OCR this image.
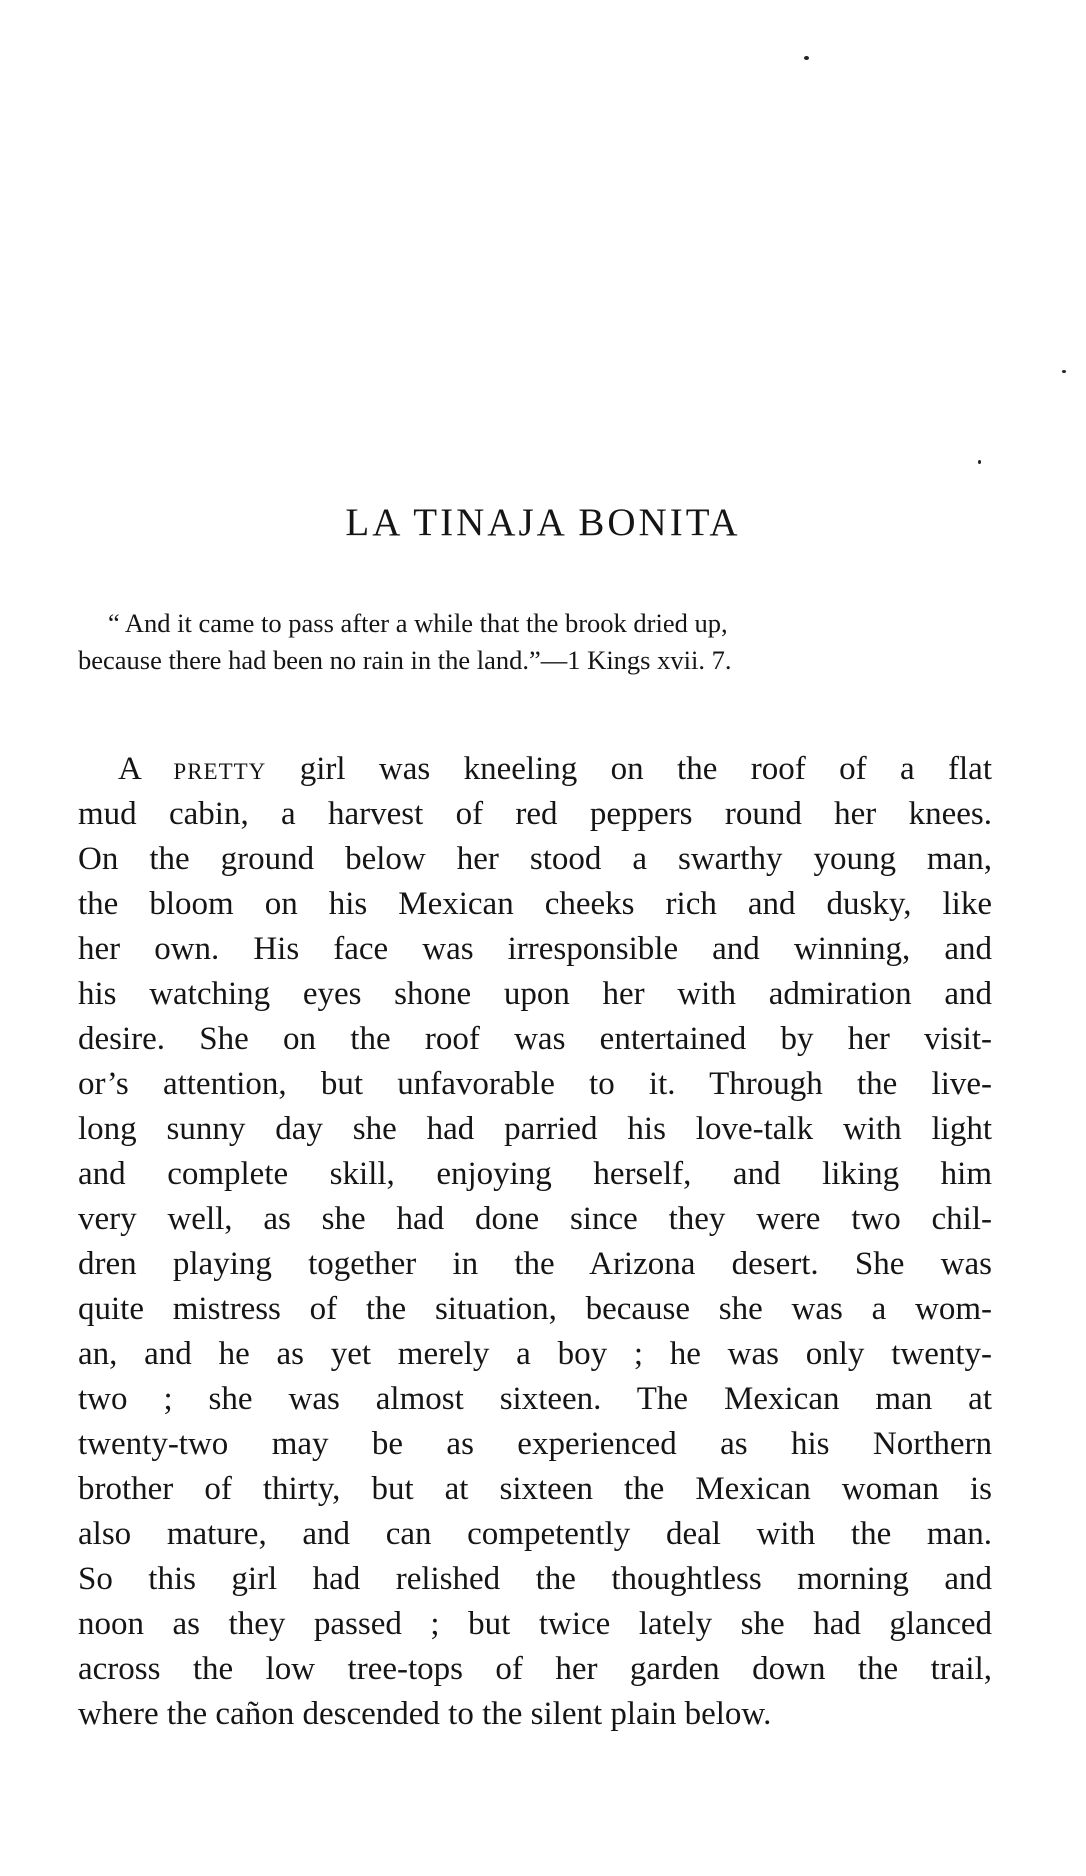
LA TINAJA BONITA
“ And it came to pass after a while that the brook dried up,
because there had been no rain in the land.”—1 Kings xvii. 7.
A pretty girl was kneeling on the roof of a flat
mud cabin, a harvest of red peppers round her knees.
On the ground below her stood a swarthy young man,
the bloom on his Mexican cheeks rich and dusky, like
her own. His face was irresponsible and winning, and
his watching eyes shone upon her with admiration and
desire. She on the roof was entertained by her visit-
or’s attention, but unfavorable to it. Through the live-
long sunny day she had parried his love-talk with light
and complete skill, enjoying herself, and liking him
very well, as she had done since they were two chil-
dren playing together in the Arizona desert. She was
quite mistress of the situation, because she was a wom-
an, and he as yet merely a boy ; he was only twenty-
two ; she was almost sixteen. The Mexican man at
twenty-two may be as experienced as his Northern
brother of thirty, but at sixteen the Mexican woman is
also mature, and can competently deal with the man.
So this girl had relished the thoughtless morning and
noon as they passed ; but twice lately she had glanced
across the low tree-tops of her garden down the trail,
where the cañon descended to the silent plain below.
